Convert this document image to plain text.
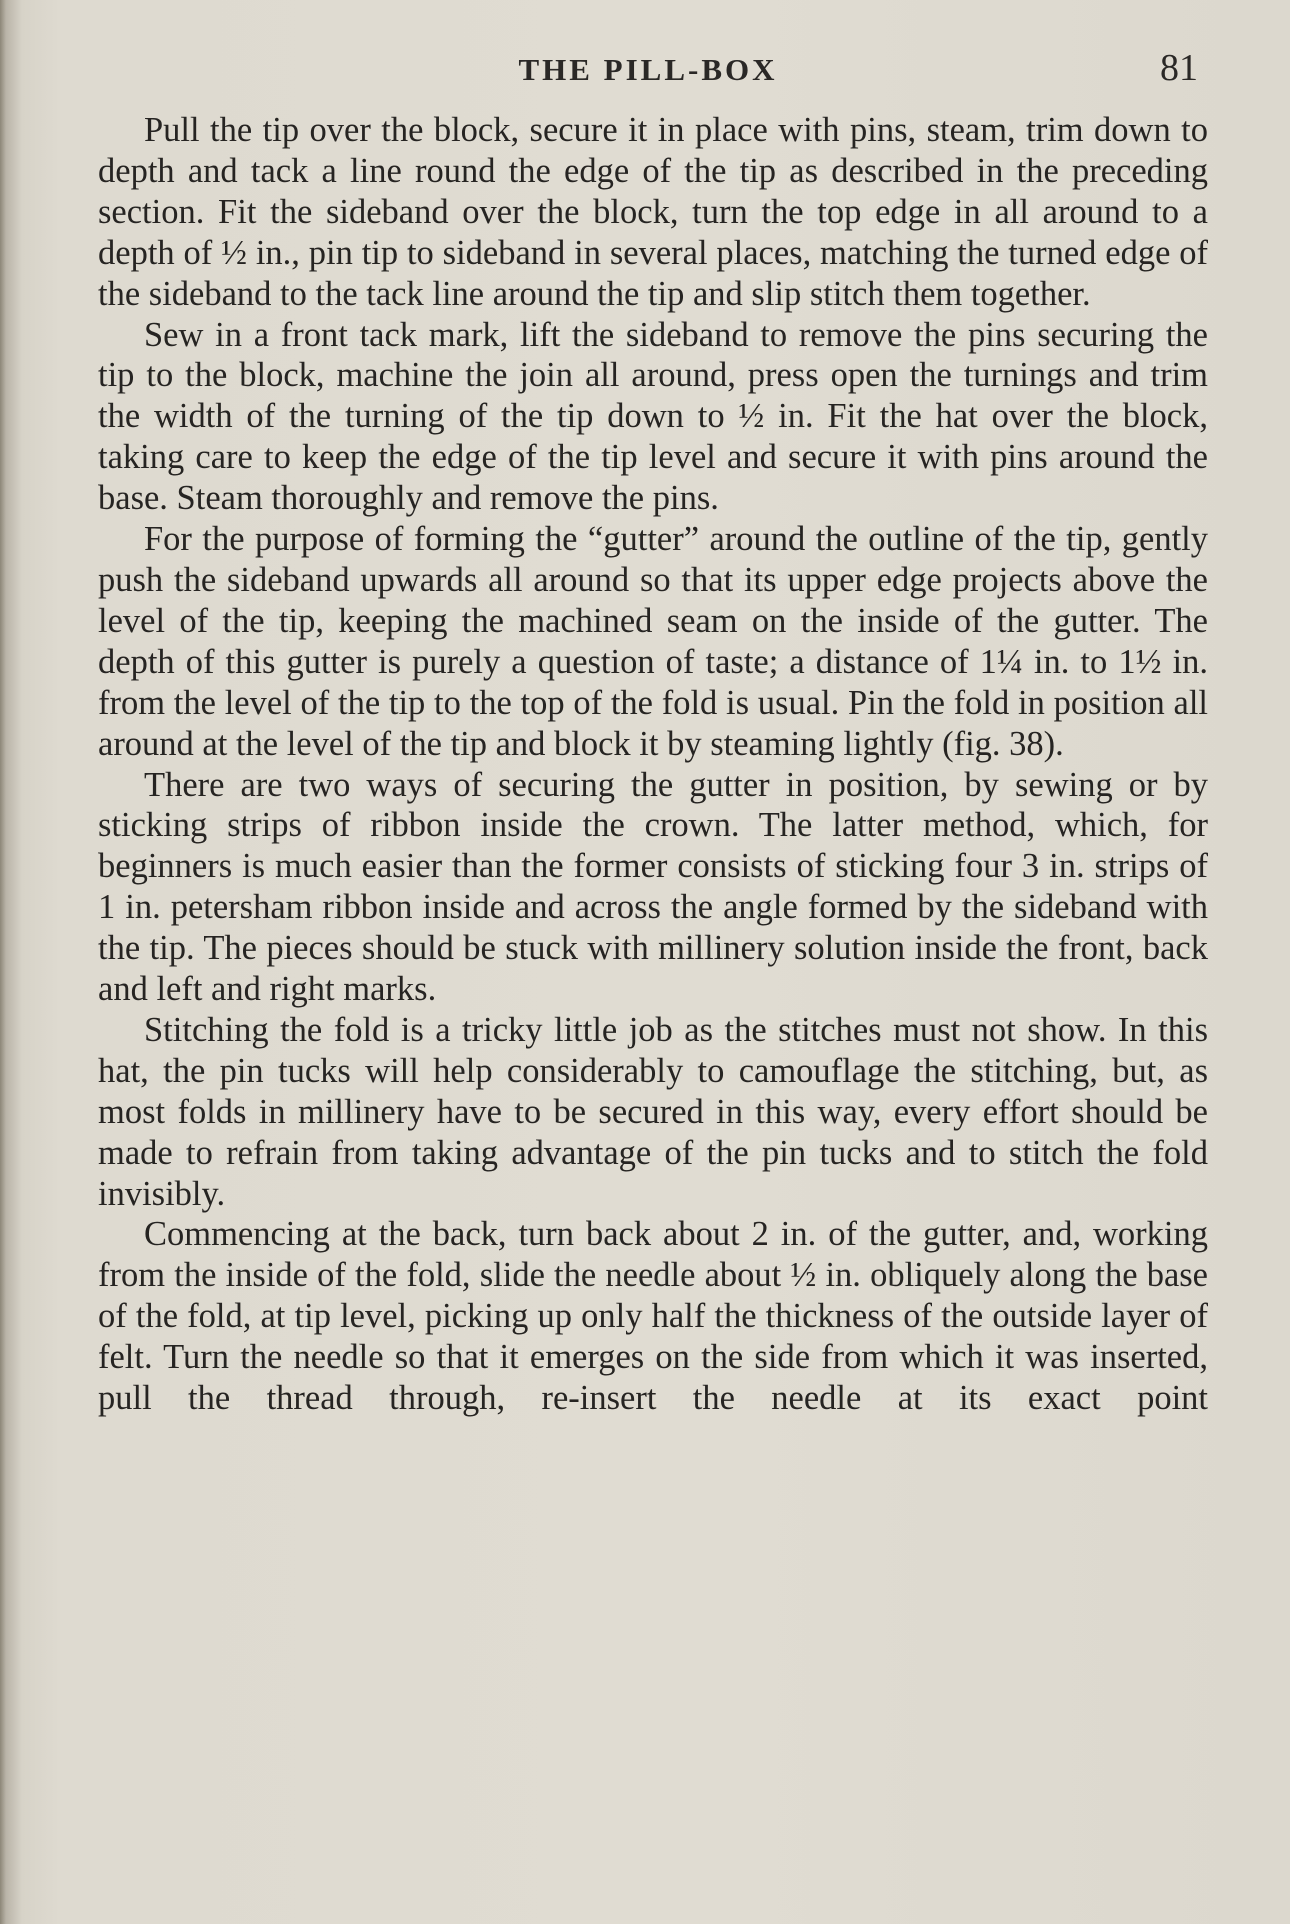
THE PILL-BOX	81

Pull the tip over the block, secure it in place with pins, steam, trim down to depth and tack a line round the edge of the tip as described in the preceding section. Fit the sideband over the block, turn the top edge in all around to a depth of ½ in., pin tip to sideband in several places, matching the turned edge of the sideband to the tack line around the tip and slip stitch them together.

Sew in a front tack mark, lift the sideband to remove the pins securing the tip to the block, machine the join all around, press open the turnings and trim the width of the turning of the tip down to ½ in. Fit the hat over the block, taking care to keep the edge of the tip level and secure it with pins around the base. Steam thoroughly and remove the pins.

For the purpose of forming the “gutter” around the outline of the tip, gently push the sideband upwards all around so that its upper edge projects above the level of the tip, keeping the machined seam on the inside of the gutter. The depth of this gutter is purely a question of taste; a distance of 1¼ in. to 1½ in. from the level of the tip to the top of the fold is usual. Pin the fold in position all around at the level of the tip and block it by steaming lightly (fig. 38).

There are two ways of securing the gutter in position, by sewing or by sticking strips of ribbon inside the crown. The latter method, which, for beginners is much easier than the former consists of sticking four 3 in. strips of 1 in. petersham ribbon inside and across the angle formed by the sideband with the tip. The pieces should be stuck with millinery solution inside the front, back and left and right marks.

Stitching the fold is a tricky little job as the stitches must not show. In this hat, the pin tucks will help considerably to camouflage the stitching, but, as most folds in millinery have to be secured in this way, every effort should be made to refrain from taking advantage of the pin tucks and to stitch the fold invisibly.

Commencing at the back, turn back about 2 in. of the gutter, and, working from the inside of the fold, slide the needle about ½ in. obliquely along the base of the fold, at tip level, picking up only half the thickness of the outside layer of felt. Turn the needle so that it emerges on the side from which it was inserted, pull the thread through, re-insert the needle at its exact point
